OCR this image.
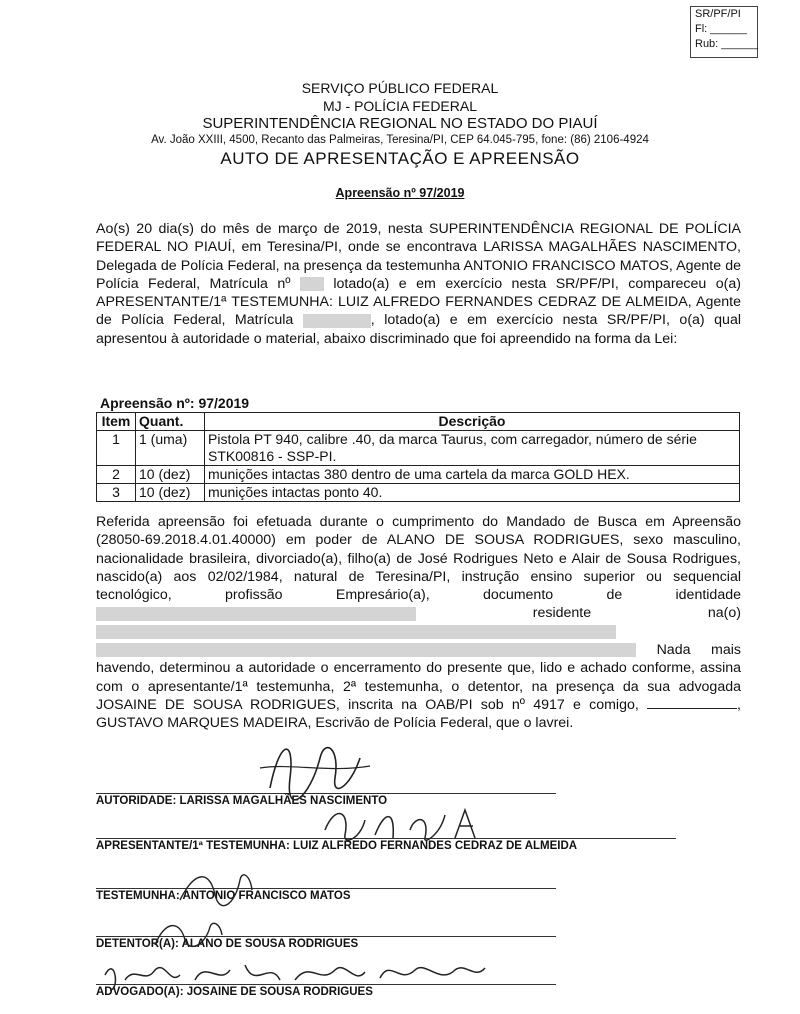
SR/PF/PI
Fl: ______
Rub: ______
SERVIÇO PÚBLICO FEDERAL
MJ - POLÍCIA FEDERAL
SUPERINTENDÊNCIA REGIONAL NO ESTADO DO PIAUÍ
Av. João XXIII, 4500, Recanto das Palmeiras, Teresina/PI, CEP 64.045-795, fone: (86) 2106-4924
AUTO DE APRESENTAÇÃO E APREENSÃO
Apreensão nº 97/2019
Ao(s) 20 dia(s) do mês de março de 2019, nesta SUPERINTENDÊNCIA REGIONAL DE POLÍCIA FEDERAL NO PIAUÍ, em Teresina/PI, onde se encontrava LARISSA MAGALHÃES NASCIMENTO, Delegada de Polícia Federal, na presença da testemunha ANTONIO FRANCISCO MATOS, Agente de Polícia Federal, Matrícula nº	lotado(a) e em exercício nesta SR/PF/PI, compareceu o(a) APRESENTANTE/1ª TESTEMUNHA: LUIZ ALFREDO FERNANDES CEDRAZ DE ALMEIDA, Agente de Polícia Federal, Matrícula	, lotado(a) e em exercício nesta SR/PF/PI, o(a) qual apresentou à autoridade o material, abaixo discriminado que foi apreendido na forma da Lei:
Apreensão nº: 97/2019
Item	Quant.	Descrição
1	1 (uma)	Pistola PT 940, calibre .40, da marca Taurus, com carregador, número de série STK00816 - SSP-PI.
2	10 (dez)	munições intactas 380 dentro de uma cartela da marca GOLD HEX.
3	10 (dez)	munições intactas ponto 40.
Referida apreensão foi efetuada durante o cumprimento do Mandado de Busca em Apreensão (28050-69.2018.4.01.40000) em poder de ALANO DE SOUSA RODRIGUES, sexo masculino, nacionalidade brasileira, divorciado(a), filho(a) de José Rodrigues Neto e Alair de Sousa Rodrigues, nascido(a) aos 02/02/1984, natural de Teresina/PI, instrução ensino superior ou sequencial tecnológico, profissão Empresário(a), documento de identidade  residente na(o)   Nada mais havendo, determinou a autoridade o encerramento do presente que, lido e achado conforme, assina com o apresentante/1ª testemunha, 2ª testemunha, o detentor, na presença da sua advogada JOSAINE DE SOUSA RODRIGUES, inscrita na OAB/PI sob nº 4917 e comigo,	, GUSTAVO MARQUES MADEIRA, Escrivão de Polícia Federal, que o lavrei.
AUTORIDADE: LARISSA MAGALHÃES NASCIMENTO
APRESENTANTE/1ª TESTEMUNHA: LUIZ ALFREDO FERNANDES CEDRAZ DE ALMEIDA
TESTEMUNHA: ANTONIO FRANCISCO MATOS
DETENTOR(A): ALANO DE SOUSA RODRIGUES
ADVOGADO(A): JOSAINE DE SOUSA RODRIGUES
